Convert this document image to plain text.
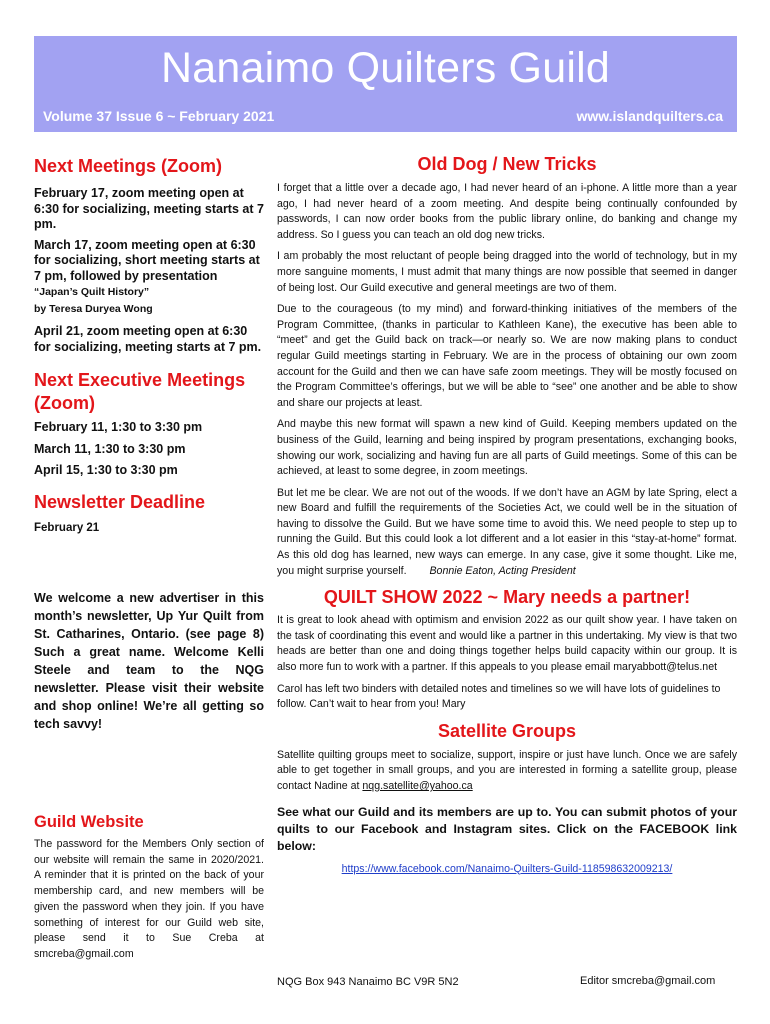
Nanaimo Quilters Guild
Volume 37 Issue 6 ~ February 2021	www.islandquilters.ca
Next Meetings (Zoom)

February 17, zoom meeting open at 6:30 for socializing, meeting starts at 7 pm.

March 17, zoom meeting open at 6:30 for socializing, short meeting starts at 7 pm, followed by presentation “Japan’s Quilt History”
by Teresa Duryea Wong

April 21, zoom meeting open at 6:30 for socializing, meeting starts at 7 pm.

Next Executive Meetings (Zoom)

February 11, 1:30 to 3:30 pm

March 11, 1:30 to 3:30 pm

April 15, 1:30 to 3:30 pm

Newsletter Deadline

February 21

We welcome a new advertiser in this month’s newsletter, Up Yur Quilt from St. Catharines, Ontario. (see page 8) Such a great name. Welcome Kelli Steele and team to the NQG newsletter. Please visit their website and shop online! We’re all getting so tech savvy!

Guild Website

The password for the Members Only section of our website will remain the same in 2020/2021. A reminder that it is printed on the back of your membership card, and new members will be given the password when they join. If you have something of interest for our Guild web site, please send it to Sue Creba at smcreba@gmail.com

Old Dog / New Tricks

I forget that a little over a decade ago, I had never heard of an i-phone. A little more than a year ago, I had never heard of a zoom meeting. And despite being continually confounded by passwords, I can now order books from the public library online, do banking and change my address. So I guess you can teach an old dog new tricks.

I am probably the most reluctant of people being dragged into the world of technology, but in my more sanguine moments, I must admit that many things are now possible that seemed in danger of being lost. Our Guild executive and general meetings are two of them.

Due to the courageous (to my mind) and forward-thinking initiatives of the members of the Program Committee, (thanks in particular to Kathleen Kane), the executive has been able to “meet” and get the Guild back on track—or nearly so. We are now making plans to conduct regular Guild meetings starting in February. We are in the process of obtaining our own zoom account for the Guild and then we can have safe zoom meetings. They will be mostly focused on the Program Committee’s offerings, but we will be able to “see” one another and be able to show and share our projects at least.

And maybe this new format will spawn a new kind of Guild. Keeping members updated on the business of the Guild, learning and being inspired by program presentations, exchanging books, showing our work, socializing and having fun are all parts of Guild meetings. Some of this can be achieved, at least to some degree, in zoom meetings.

But let me be clear. We are not out of the woods. If we don’t have an AGM by late Spring, elect a new Board and fulfill the requirements of the Societies Act, we could well be in the situation of having to dissolve the Guild. But we have some time to avoid this. We need people to step up to running the Guild. But this could look a lot different and a lot easier in this “stay-at-home” format. As this old dog has learned, new ways can emerge. In any case, give it some thought. Like me, you might surprise yourself. Bonnie Eaton, Acting President

QUILT SHOW 2022 ~ Mary needs a partner!

It is great to look ahead with optimism and envision 2022 as our quilt show year. I have taken on the task of coordinating this event and would like a partner in this undertaking. My view is that two heads are better than one and doing things together helps build capacity within our group. It is also more fun to work with a partner. If this appeals to you please email maryabbott@telus.net

Carol has left two binders with detailed notes and timelines so we will have lots of guidelines to follow. Can’t wait to hear from you! Mary

Satellite Groups

Satellite quilting groups meet to socialize, support, inspire or just have lunch. Once we are safely able to get together in small groups, and you are interested in forming a satellite group, please contact Nadine at nqg.satellite@yahoo.ca

See what our Guild and its members are up to. You can submit photos of your quilts to our Facebook and Instagram sites. Click on the FACEBOOK link below:

https://www.facebook.com/Nanaimo-Quilters-Guild-118598632009213/
NQG Box 943 Nanaimo BC V9R 5N2	Editor smcreba@gmail.com
